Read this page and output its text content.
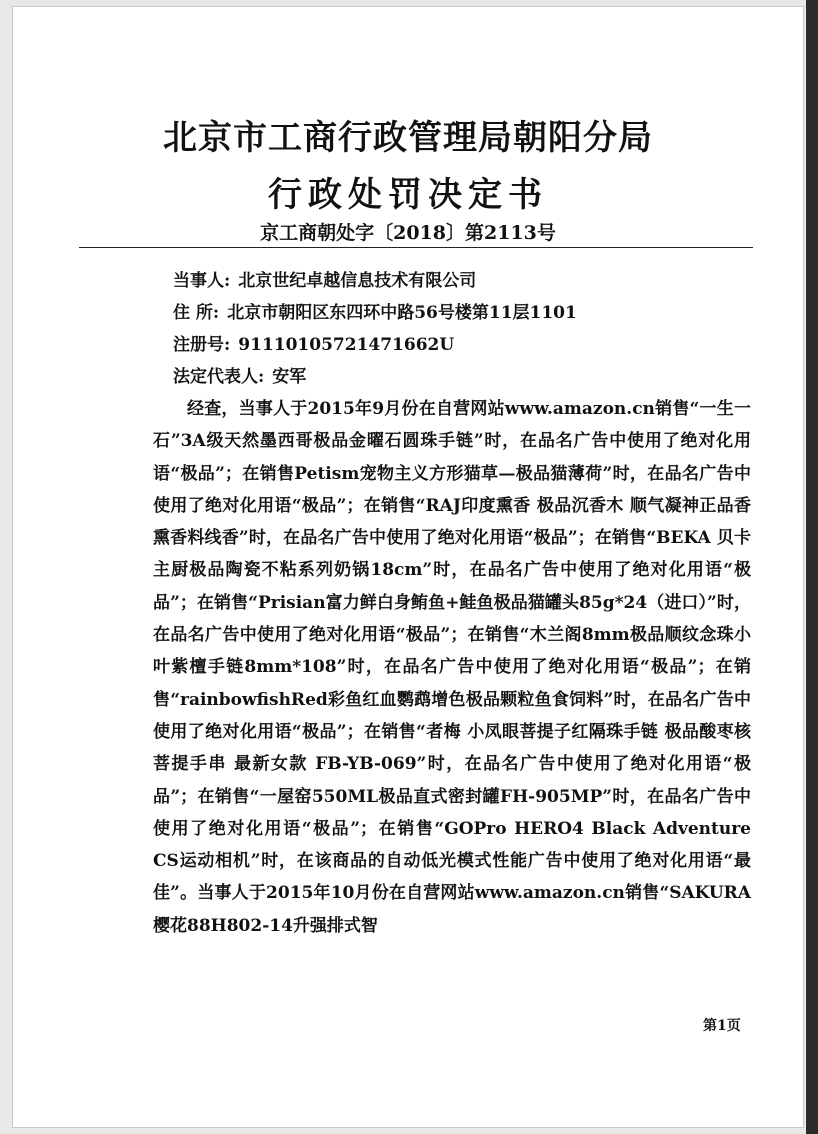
北京市工商行政管理局朝阳分局
行政处罚决定书
京工商朝处字〔2018〕第2113号
当事人: 北京世纪卓越信息技术有限公司
住 所: 北京市朝阳区东四环中路56号楼第11层1101
注册号: 91110105721471662U
法定代表人: 安军

经查，当事人于2015年9月份在自营网站www.amazon.cn销售“一生一石”3A级天然墨西哥极品金曜石圆珠手链”时，在品名广告中使用了绝对化用语“极品”；在销售Petism宠物主义方形猫草—极品猫薄荷”时，在品名广告中使用了绝对化用语“极品”；在销售“RAJ印度熏香 极品沉香木 顺气凝神正品香熏香料线香”时，在品名广告中使用了绝对化用语“极品”；在销售“BEKA 贝卡 主厨极品陶瓷不粘系列奶锅18cm”时，在品名广告中使用了绝对化用语“极品”；在销售“Prisian富力鲜白身鲔鱼+鲑鱼极品猫罐头85g*24（进口）”时，在品名广告中使用了绝对化用语“极品”；在销售“木兰阁8mm极品顺纹念珠小叶紫檀手链8mm*108”时，在品名广告中使用了绝对化用语“极品”；在销售“rainbowfishRed彩鱼红血鹦鹉增色极品颗粒鱼食饲料”时，在品名广告中使用了绝对化用语“极品”；在销售“者梅 小凤眼菩提子红隔珠手链 极品酸枣核菩提手串 最新女款 FB-YB-069”时，在品名广告中使用了绝对化用语“极品”；在销售“一屋窑550ML极品直式密封罐FH-905MP”时，在品名广告中使用了绝对化用语“极品”；在销售“GOPro HERO4 Black Adventure CS运动相机”时，在该商品的自动低光模式性能广告中使用了绝对化用语“最佳”。当事人于2015年10月份在自营网站www.amazon.cn销售“SAKURA樱花88H802-14升强排式智

第1页
